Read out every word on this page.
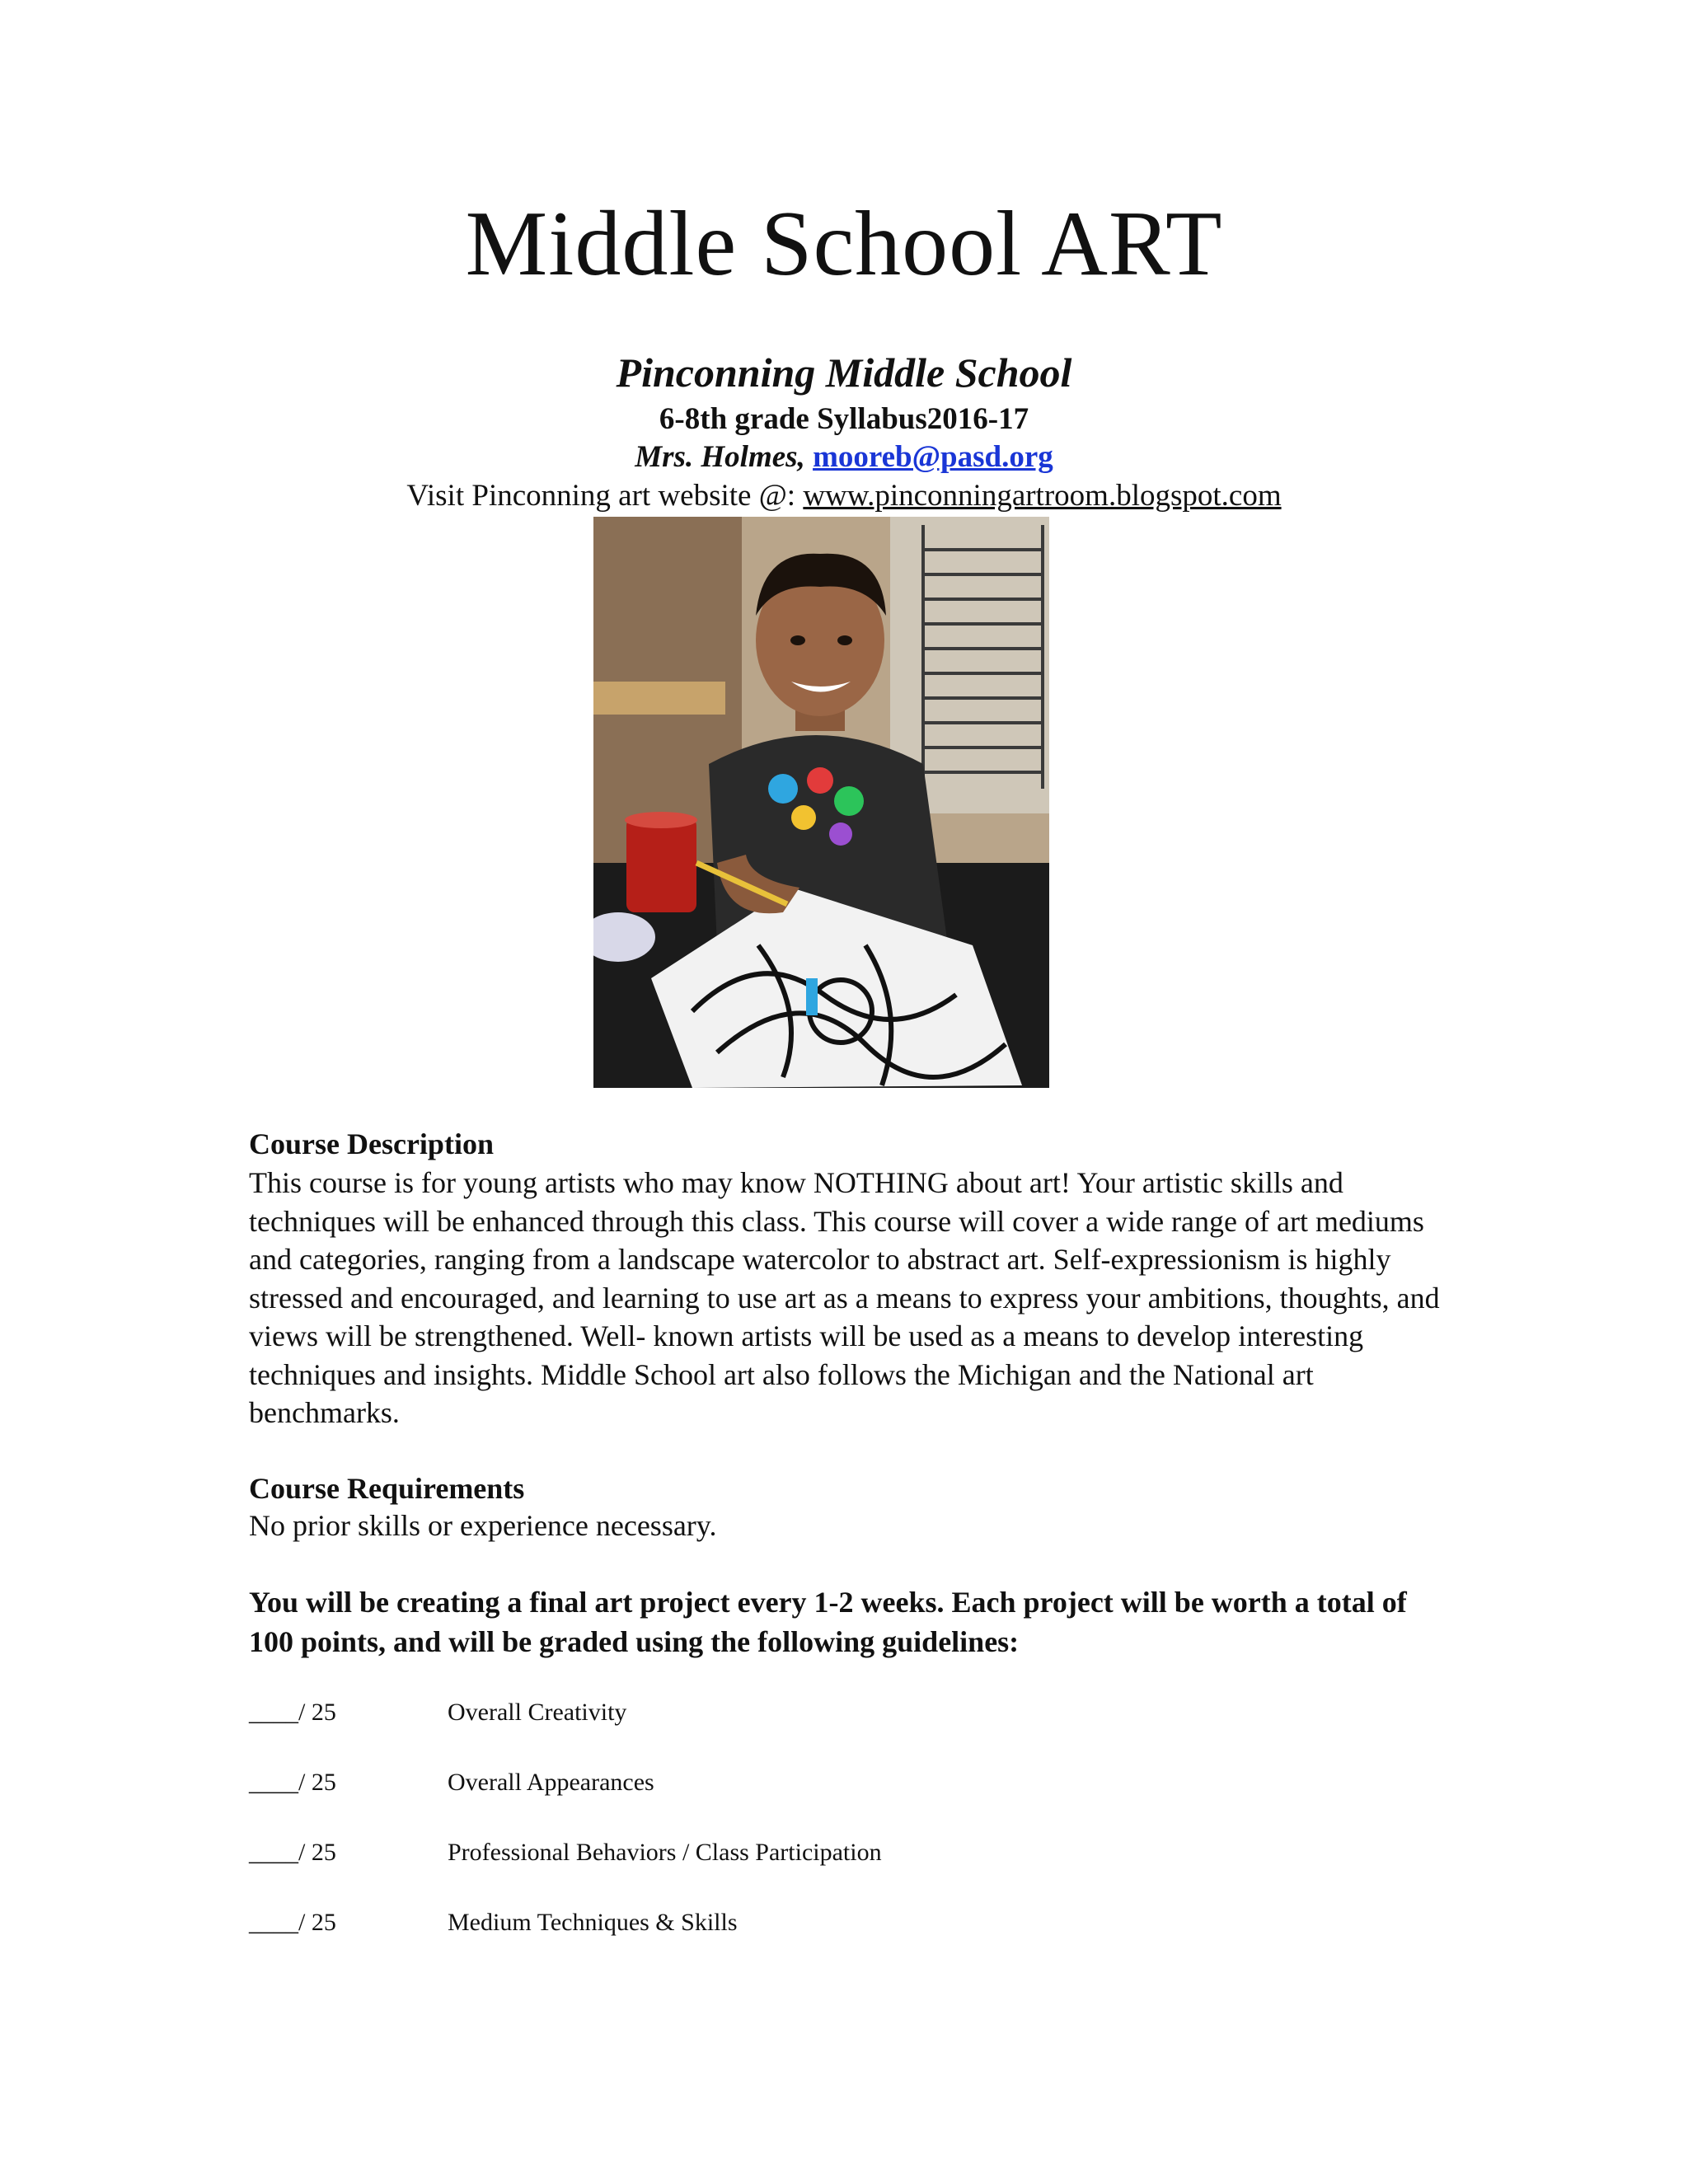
Middle School ART
Pinconning Middle School
6-8th grade Syllabus2016-17
Mrs. Holmes, mooreb@pasd.org
Visit Pinconning art website @: www.pinconningartroom.blogspot.com
Course Description
This course is for young artists who may know NOTHING about art! Your artistic skills and techniques will be enhanced through this class. This course will cover a wide range of art mediums and categories, ranging from a landscape watercolor to abstract art. Self-expressionism is highly stressed and encouraged, and learning to use art as a means to express your ambitions, thoughts, and views will be strengthened. Well- known artists will be used as a means to develop interesting techniques and insights. Middle School art also follows the Michigan and the National art benchmarks.
Course Requirements
No prior skills or experience necessary.
You will be creating a final art project every 1-2 weeks. Each project will be worth a total of 100 points, and will be graded using the following guidelines:
____/ 25	Overall Creativity
____/ 25	Overall Appearances
____/ 25	Professional Behaviors / Class Participation
____/ 25	Medium Techniques & Skills
